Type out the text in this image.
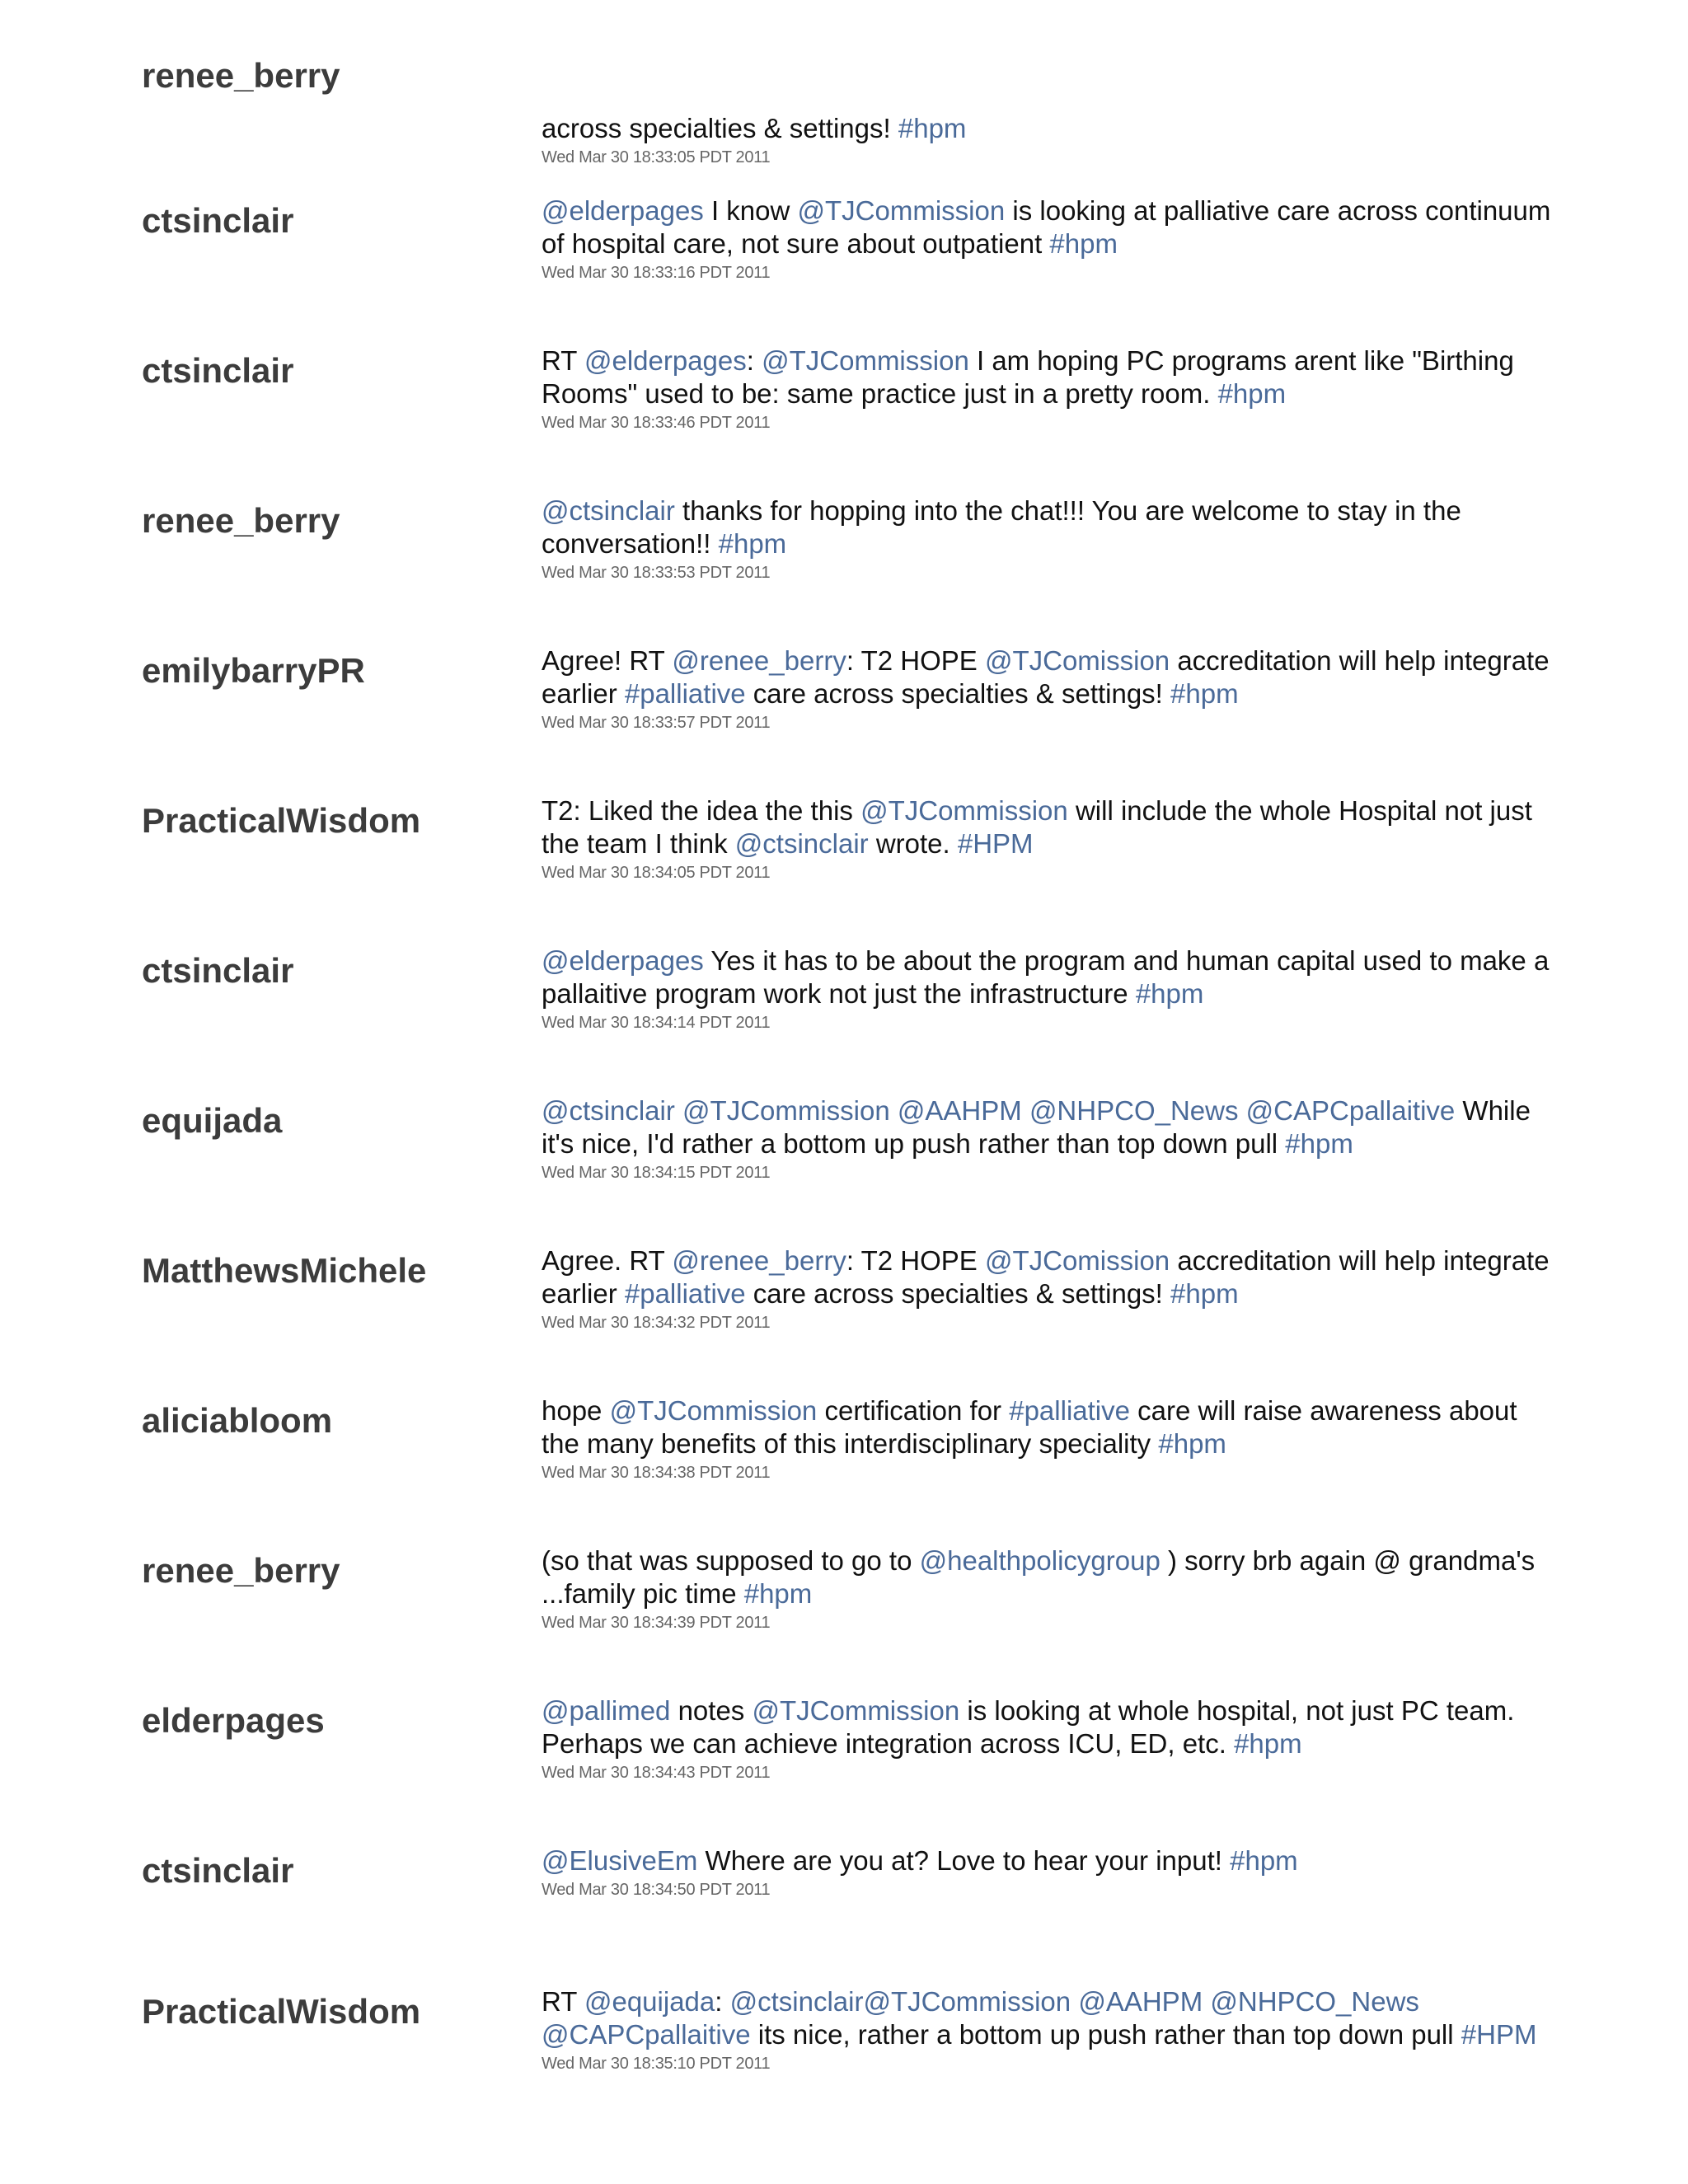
renee_berry
across specialties & settings! #hpm
Wed Mar 30 18:33:05 PDT 2011
ctsinclair	@elderpages I know @TJCommission is looking at palliative care across continuum of hospital care, not sure about outpatient #hpm
Wed Mar 30 18:33:16 PDT 2011
ctsinclair	RT @elderpages: @TJCommission I am hoping PC programs arent like "Birthing Rooms" used to be: same practice just in a pretty room. #hpm
Wed Mar 30 18:33:46 PDT 2011
renee_berry	@ctsinclair thanks for hopping into the chat!!! You are welcome to stay in the conversation!! #hpm
Wed Mar 30 18:33:53 PDT 2011
emilybarryPR	Agree! RT @renee_berry: T2 HOPE @TJComission accreditation will help integrate earlier #palliative care across specialties & settings! #hpm
Wed Mar 30 18:33:57 PDT 2011
PracticalWisdom	T2: Liked the idea the this @TJCommission will include the whole Hospital not just the team I think @ctsinclair wrote. #HPM
Wed Mar 30 18:34:05 PDT 2011
ctsinclair	@elderpages Yes it has to be about the program and human capital used to make a pallaitive program work not just the infrastructure #hpm
Wed Mar 30 18:34:14 PDT 2011
equijada	@ctsinclair @TJCommission @AAHPM @NHPCO_News @CAPCpallaitive While it's nice, I'd rather a bottom up push rather than top down pull #hpm
Wed Mar 30 18:34:15 PDT 2011
MatthewsMichele	Agree. RT @renee_berry: T2 HOPE @TJComission accreditation will help integrate earlier #palliative care across specialties & settings! #hpm
Wed Mar 30 18:34:32 PDT 2011
aliciabloom	hope @TJCommission certification for #palliative care will raise awareness about the many benefits of this interdisciplinary speciality #hpm
Wed Mar 30 18:34:38 PDT 2011
renee_berry	(so that was supposed to go to @healthpolicygroup ) sorry brb again @ grandma's ...family pic time #hpm
Wed Mar 30 18:34:39 PDT 2011
elderpages	@pallimed notes @TJCommission is looking at whole hospital, not just PC team. Perhaps we can achieve integration across ICU, ED, etc. #hpm
Wed Mar 30 18:34:43 PDT 2011
ctsinclair	@ElusiveEm Where are you at? Love to hear your input! #hpm
Wed Mar 30 18:34:50 PDT 2011
PracticalWisdom	RT @equijada: @ctsinclair@TJCommission @AAHPM @NHPCO_News @CAPCpallaitive its nice, rather a bottom up push rather than top down pull #HPM
Wed Mar 30 18:35:10 PDT 2011
